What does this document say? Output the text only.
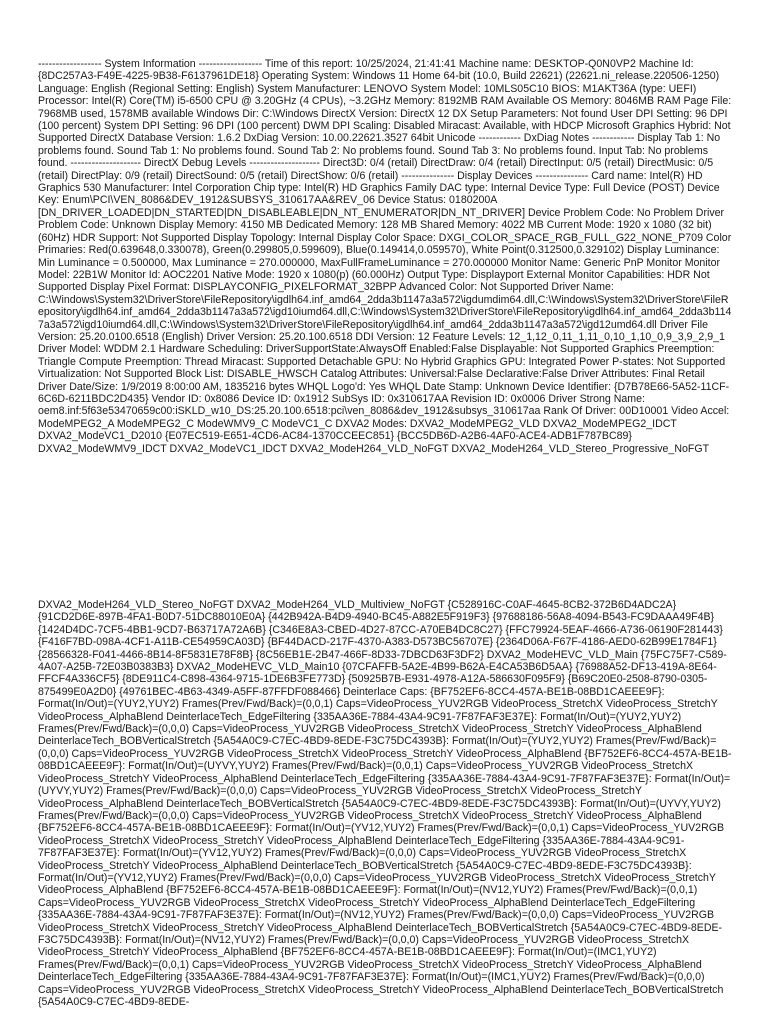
------------------ System Information ------------------ Time of this report: 10/25/2024, 21:41:41 Machine name: DESKTOP-Q0N0VP2 Machine Id: {8DC257A3-F49E-4225-9B38-F6137961DE18} Operating System: Windows 11 Home 64-bit (10.0, Build 22621) (22621.ni_release.220506-1250) Language: English (Regional Setting: English) System Manufacturer: LENOVO System Model: 10MLS05C10 BIOS: M1AKT36A (type: UEFI) Processor: Intel(R) Core(TM) i5-6500 CPU @ 3.20GHz (4 CPUs), ~3.2GHz Memory: 8192MB RAM Available OS Memory: 8046MB RAM Page File: 7968MB used, 1578MB available Windows Dir: C:\Windows DirectX Version: DirectX 12 DX Setup Parameters: Not found User DPI Setting: 96 DPI (100 percent) System DPI Setting: 96 DPI (100 percent) DWM DPI Scaling: Disabled Miracast: Available, with HDCP Microsoft Graphics Hybrid: Not Supported DirectX Database Version: 1.6.2 DxDiag Version: 10.00.22621.3527 64bit Unicode ------------ DxDiag Notes ------------ Display Tab 1: No problems found. Sound Tab 1: No problems found. Sound Tab 2: No problems found. Sound Tab 3: No problems found. Input Tab: No problems found. -------------------- DirectX Debug Levels -------------------- Direct3D: 0/4 (retail) DirectDraw: 0/4 (retail) DirectInput: 0/5 (retail) DirectMusic: 0/5 (retail) DirectPlay: 0/9 (retail) DirectSound: 0/5 (retail) DirectShow: 0/6 (retail) --------------- Display Devices --------------- Card name: Intel(R) HD Graphics 530 Manufacturer: Intel Corporation Chip type: Intel(R) HD Graphics Family DAC type: Internal Device Type: Full Device (POST) Device Key: Enum\PCI\VEN_8086&DEV_1912&SUBSYS_310617AA&REV_06 Device Status: 0180200A [DN_DRIVER_LOADED|DN_STARTED|DN_DISABLEABLE|DN_NT_ENUMERATOR|DN_NT_DRIVER] Device Problem Code: No Problem Driver Problem Code: Unknown Display Memory: 4150 MB Dedicated Memory: 128 MB Shared Memory: 4022 MB Current Mode: 1920 x 1080 (32 bit) (60Hz) HDR Support: Not Supported Display Topology: Internal Display Color Space: DXGI_COLOR_SPACE_RGB_FULL_G22_NONE_P709 Color Primaries: Red(0.639648,0.330078), Green(0.299805,0.599609), Blue(0.149414,0.059570), White Point(0.312500,0.329102) Display Luminance: Min Luminance = 0.500000, Max Luminance = 270.000000, MaxFullFrameLuminance = 270.000000 Monitor Name: Generic PnP Monitor Monitor Model: 22B1W Monitor Id: AOC2201 Native Mode: 1920 x 1080(p) (60.000Hz) Output Type: Displayport External Monitor Capabilities: HDR Not Supported Display Pixel Format: DISPLAYCONFIG_PIXELFORMAT_32BPP Advanced Color: Not Supported Driver Name: C:\Windows\System32\DriverStore\FileRepository\igdlh64.inf_amd64_2dda3b1147a3a572\igdumdim64.dll,C:\Windows\System32\DriverStore\FileRepository\igdlh64.inf_amd64_2dda3b1147a3a572\igd10iumd64.dll,C:\Windows\System32\DriverStore\FileRepository\igdlh64.inf_amd64_2dda3b1147a3a572\igd10iumd64.dll,C:\Windows\System32\DriverStore\FileRepository\igdlh64.inf_amd64_2dda3b1147a3a572\igd12umd64.dll Driver File Version: 25.20.0100.6518 (English) Driver Version: 25.20.100.6518 DDI Version: 12 Feature Levels: 12_1,12_0,11_1,11_0,10_1,10_0,9_3,9_2,9_1 Driver Model: WDDM 2.1 Hardware Scheduling: DriverSupportState:AlwaysOff Enabled:False Displayable: Not Supported Graphics Preemption: Triangle Compute Preemption: Thread Miracast: Supported Detachable GPU: No Hybrid Graphics GPU: Integrated Power P-states: Not Supported Virtualization: Not Supported Block List: DISABLE_HWSCH Catalog Attributes: Universal:False Declarative:False Driver Attributes: Final Retail Driver Date/Size: 1/9/2019 8:00:00 AM, 1835216 bytes WHQL Logo'd: Yes WHQL Date Stamp: Unknown Device Identifier: {D7B78E66-5A52-11CF-6C6D-6211BDC2D435} Vendor ID: 0x8086 Device ID: 0x1912 SubSys ID: 0x310617AA Revision ID: 0x0006 Driver Strong Name: oem8.inf:5f63e53470659c00:iSKLD_w10_DS:25.20.100.6518:pci\ven_8086&dev_1912&subsys_310617aa Rank Of Driver: 00D10001 Video Accel: ModeMPEG2_A ModeMPEG2_C ModeWMV9_C ModeVC1_C DXVA2 Modes: DXVA2_ModeMPEG2_VLD DXVA2_ModeMPEG2_IDCT DXVA2_ModeVC1_D2010 {E07EC519-E651-4CD6-AC84-1370CCEEC851} {BCC5DB6D-A2B6-4AF0-ACE4-ADB1F787BC89} DXVA2_ModeWMV9_IDCT DXVA2_ModeVC1_IDCT DXVA2_ModeH264_VLD_NoFGT DXVA2_ModeH264_VLD_Stereo_Progressive_NoFGT
DXVA2_ModeH264_VLD_Stereo_NoFGT DXVA2_ModeH264_VLD_Multiview_NoFGT {C528916C-C0AF-4645-8CB2-372B6D4ADC2A} {91CD2D6E-897B-4FA1-B0D7-51DC88010E0A} {442B942A-B4D9-4940-BC45-A882E5F919F3} {97688186-56A8-4094-B543-FC9DAAA49F4B} {1424D4DC-7CF5-4BB1-9CD7-B63717A72A6B} {C346E8A3-CBED-4D27-87CC-A70EB4DC8C27} {FFC79924-5EAF-4666-A736-06190F281443} {F416F7BD-098A-4CF1-A11B-CE54959CA03D} {BF44DACD-217F-4370-A383-D573BC56707E} {2364D06A-F67F-4186-AED0-62B99E1784F1} {28566328-F041-4466-8B14-8F5831E78F8B} {8C56EB1E-2B47-466F-8D33-7DBCD63F3DF2} DXVA2_ModeHEVC_VLD_Main {75FC75F7-C589-4A07-A25B-72E03B0383B3} DXVA2_ModeHEVC_VLD_Main10 {07CFAFFB-5A2E-4B99-B62A-E4CA53B6D5AA} {76988A52-DF13-419A-8E64-FFCF4A336CF5} {8DE911C4-C898-4364-9715-1DE6B3FE773D} {50925B7B-E931-4978-A12A-586630F095F9} {B69C20E0-2508-8790-0305-875499E0A2D0} {49761BEC-4B63-4349-A5FF-87FFDF088466} Deinterlace Caps: {BF752EF6-8CC4-457A-BE1B-08BD1CAEEE9F}: Format(In/Out)=(YUY2,YUY2) Frames(Prev/Fwd/Back)=(0,0,1) Caps=VideoProcess_YUV2RGB VideoProcess_StretchX VideoProcess_StretchY VideoProcess_AlphaBlend DeinterlaceTech_EdgeFiltering {335AA36E-7884-43A4-9C91-7F87FAF3E37E}: Format(In/Out)=(YUY2,YUY2) Frames(Prev/Fwd/Back)=(0,0,0) Caps=VideoProcess_YUV2RGB VideoProcess_StretchX VideoProcess_StretchY VideoProcess_AlphaBlend DeinterlaceTech_BOBVerticalStretch {5A54A0C9-C7EC-4BD9-8EDE-F3C75DC4393B}: Format(In/Out)=(YUY2,YUY2) Frames(Prev/Fwd/Back)=(0,0,0) Caps=VideoProcess_YUV2RGB VideoProcess_StretchX VideoProcess_StretchY VideoProcess_AlphaBlend {BF752EF6-8CC4-457A-BE1B-08BD1CAEEE9F}: Format(In/Out)=(UYVY,YUY2) Frames(Prev/Fwd/Back)=(0,0,1) Caps=VideoProcess_YUV2RGB VideoProcess_StretchX VideoProcess_StretchY VideoProcess_AlphaBlend DeinterlaceTech_EdgeFiltering {335AA36E-7884-43A4-9C91-7F87FAF3E37E}: Format(In/Out)=(UYVY,YUY2) Frames(Prev/Fwd/Back)=(0,0,0) Caps=VideoProcess_YUV2RGB VideoProcess_StretchX VideoProcess_StretchY VideoProcess_AlphaBlend DeinterlaceTech_BOBVerticalStretch {5A54A0C9-C7EC-4BD9-8EDE-F3C75DC4393B}: Format(In/Out)=(UYVY,YUY2) Frames(Prev/Fwd/Back)=(0,0,0) Caps=VideoProcess_YUV2RGB VideoProcess_StretchX VideoProcess_StretchY VideoProcess_AlphaBlend {BF752EF6-8CC4-457A-BE1B-08BD1CAEEE9F}: Format(In/Out)=(YV12,YUY2) Frames(Prev/Fwd/Back)=(0,0,1) Caps=VideoProcess_YUV2RGB VideoProcess_StretchX VideoProcess_StretchY VideoProcess_AlphaBlend DeinterlaceTech_EdgeFiltering {335AA36E-7884-43A4-9C91-7F87FAF3E37E}: Format(In/Out)=(YV12,YUY2) Frames(Prev/Fwd/Back)=(0,0,0) Caps=VideoProcess_YUV2RGB VideoProcess_StretchX VideoProcess_StretchY VideoProcess_AlphaBlend DeinterlaceTech_BOBVerticalStretch {5A54A0C9-C7EC-4BD9-8EDE-F3C75DC4393B}: Format(In/Out)=(YV12,YUY2) Frames(Prev/Fwd/Back)=(0,0,0) Caps=VideoProcess_YUV2RGB VideoProcess_StretchX VideoProcess_StretchY VideoProcess_AlphaBlend {BF752EF6-8CC4-457A-BE1B-08BD1CAEEE9F}: Format(In/Out)=(NV12,YUY2) Frames(Prev/Fwd/Back)=(0,0,1) Caps=VideoProcess_YUV2RGB VideoProcess_StretchX VideoProcess_StretchY VideoProcess_AlphaBlend DeinterlaceTech_EdgeFiltering {335AA36E-7884-43A4-9C91-7F87FAF3E37E}: Format(In/Out)=(NV12,YUY2) Frames(Prev/Fwd/Back)=(0,0,0) Caps=VideoProcess_YUV2RGB VideoProcess_StretchX VideoProcess_StretchY VideoProcess_AlphaBlend DeinterlaceTech_BOBVerticalStretch {5A54A0C9-C7EC-4BD9-8EDE-F3C75DC4393B}: Format(In/Out)=(NV12,YUY2) Frames(Prev/Fwd/Back)=(0,0,0) Caps=VideoProcess_YUV2RGB VideoProcess_StretchX VideoProcess_StretchY VideoProcess_AlphaBlend {BF752EF6-8CC4-457A-BE1B-08BD1CAEEE9F}: Format(In/Out)=(IMC1,YUY2) Frames(Prev/Fwd/Back)=(0,0,1) Caps=VideoProcess_YUV2RGB VideoProcess_StretchX VideoProcess_StretchY VideoProcess_AlphaBlend DeinterlaceTech_EdgeFiltering {335AA36E-7884-43A4-9C91-7F87FAF3E37E}: Format(In/Out)=(IMC1,YUY2) Frames(Prev/Fwd/Back)=(0,0,0) Caps=VideoProcess_YUV2RGB VideoProcess_StretchX VideoProcess_StretchY VideoProcess_AlphaBlend DeinterlaceTech_BOBVerticalStretch {5A54A0C9-C7EC-4BD9-8EDE-
